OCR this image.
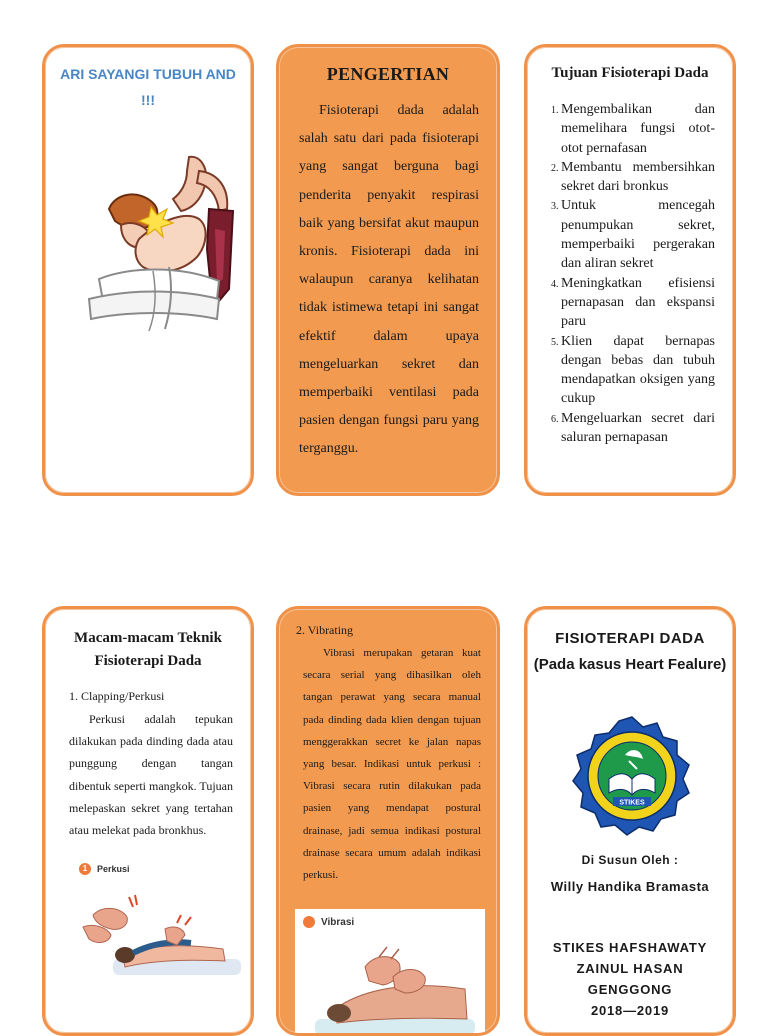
ARI SAYANGI TUBUH AND !!!

PENGERTIAN

Fisioterapi dada adalah salah satu dari pada fisioterapi yang sangat berguna bagi penderita penyakit respirasi baik yang bersifat akut maupun kronis. Fisioterapi dada ini walaupun caranya kelihatan tidak istimewa tetapi ini sangat efektif dalam upaya mengeluarkan sekret dan memperbaiki ventilasi pada pasien dengan fungsi paru yang terganggu.

Tujuan Fisioterapi Dada

1. Mengembalikan dan memelihara fungsi otot-otot pernafasan
2. Membantu membersihkan sekret dari bronkus
3. Untuk mencegah penumpukan sekret, memperbaiki pergerakan dan aliran sekret
4. Meningkatkan efisiensi pernapasan dan ekspansi paru
5. Klien dapat bernapas dengan bebas dan tubuh mendapatkan oksigen yang cukup
6. Mengeluarkan secret dari saluran pernapasan

Macam-macam Teknik Fisioterapi Dada

1. Clapping/Perkusi

Perkusi adalah tepukan dilakukan pada dinding dada atau punggung dengan tangan dibentuk seperti mangkok. Tujuan melepaskan sekret yang tertahan atau melekat pada bronkhus.

1	Perkusi

2. Vibrating

Vibrasi merupakan getaran kuat secara serial yang dihasilkan oleh tangan perawat yang secara manual pada dinding dada klien dengan tujuan menggerakkan secret ke jalan napas yang besar. Indikasi untuk perkusi : Vibrasi secara rutin dilakukan pada pasien yang mendapat postural drainase, jadi semua indikasi postural drainase secara umum adalah indikasi perkusi.

Vibrasi

FISIOTERAPI DADA

(Pada kasus Heart Fealure)

STIKES

Di Susun Oleh :

Willy Handika Bramasta

STIKES HAFSHAWATY
ZAINUL HASAN
GENGGONG
2018—2019
